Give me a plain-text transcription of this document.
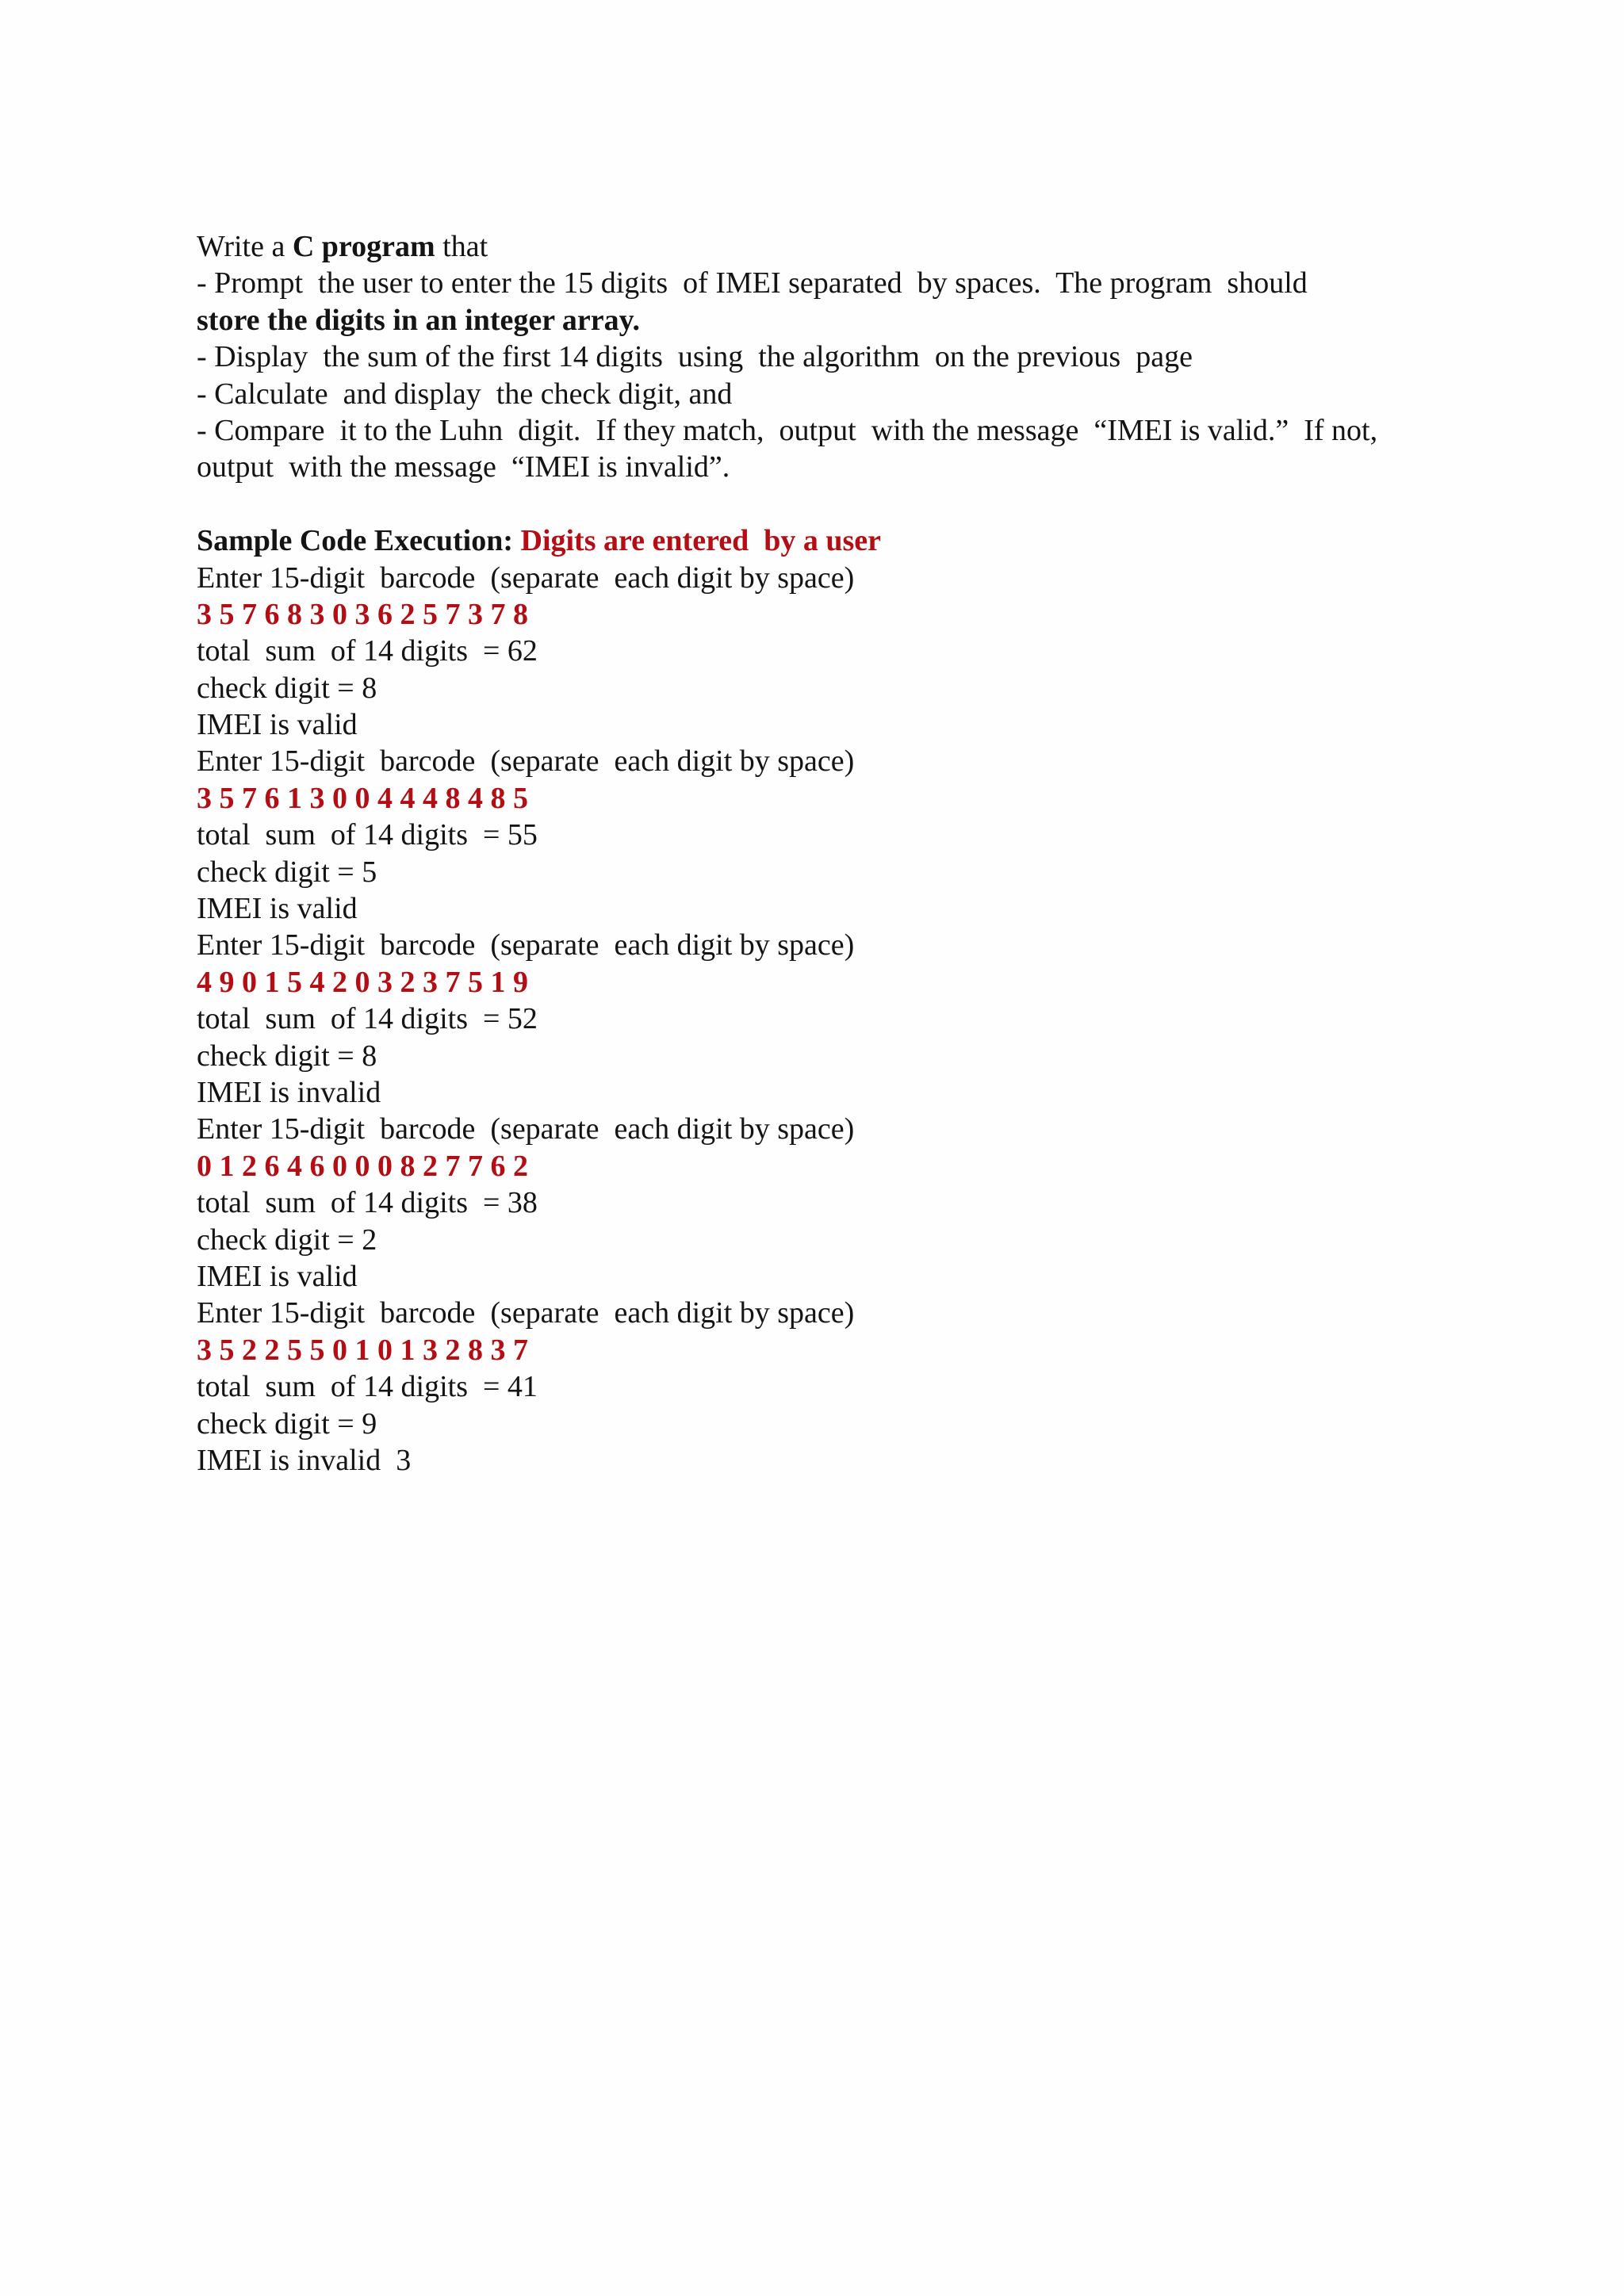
Write a C program that
- Prompt  the user to enter the 15 digits  of IMEI separated  by spaces.  The program  should
store the digits in an integer array.
- Display  the sum of the first 14 digits  using  the algorithm  on the previous  page
- Calculate  and display  the check digit, and
- Compare  it to the Luhn  digit.  If they match,  output  with the message  “IMEI is valid.”  If not,
output  with the message  “IMEI is invalid”.
Sample Code Execution: Digits are entered  by a user
Enter 15-digit  barcode  (separate  each digit by space)
3 5 7 6 8 3 0 3 6 2 5 7 3 7 8
total  sum  of 14 digits  = 62
check digit = 8
IMEI is valid
Enter 15-digit  barcode  (separate  each digit by space)
3 5 7 6 1 3 0 0 4 4 4 8 4 8 5
total  sum  of 14 digits  = 55
check digit = 5
IMEI is valid
Enter 15-digit  barcode  (separate  each digit by space)
4 9 0 1 5 4 2 0 3 2 3 7 5 1 9
total  sum  of 14 digits  = 52
check digit = 8
IMEI is invalid
Enter 15-digit  barcode  (separate  each digit by space)
0 1 2 6 4 6 0 0 0 8 2 7 7 6 2
total  sum  of 14 digits  = 38
check digit = 2
IMEI is valid
Enter 15-digit  barcode  (separate  each digit by space)
3 5 2 2 5 5 0 1 0 1 3 2 8 3 7
total  sum  of 14 digits  = 41
check digit = 9
IMEI is invalid  3
